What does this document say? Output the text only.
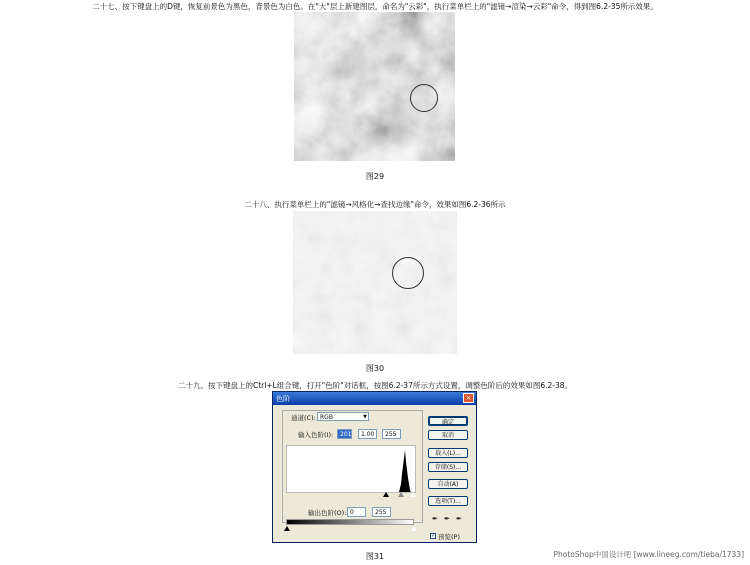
二十七、按下键盘上的D键，恢复前景色为黑色，背景色为白色。在"大"层上新建图层，命名为"云彩"，执行菜单栏上的"滤镜→渲染→云彩"命令，得到图6.2-35所示效果。
图29
二十八、执行菜单栏上的"滤镜→风格化→查找边缘"命令，效果如图6.2-36所示
图30
二十九、按下键盘上的Ctrl+L组合键，打开"色阶"对话框，按图6.2-37所示方式设置，调整色阶后的效果如图6.2-38。
色阶	×
通道(C): RGB	▼
输入色阶(I):	201	1.00	255
输出色阶(O): 0	255
确定
取消
载入(L)...
存储(S)...
自动(A)
选项(T)...
✒ ✒ ✒
✓ 预览(P)
图31	PhotoShop中国设计吧 [www.lineeg.com/tieba/1733]
